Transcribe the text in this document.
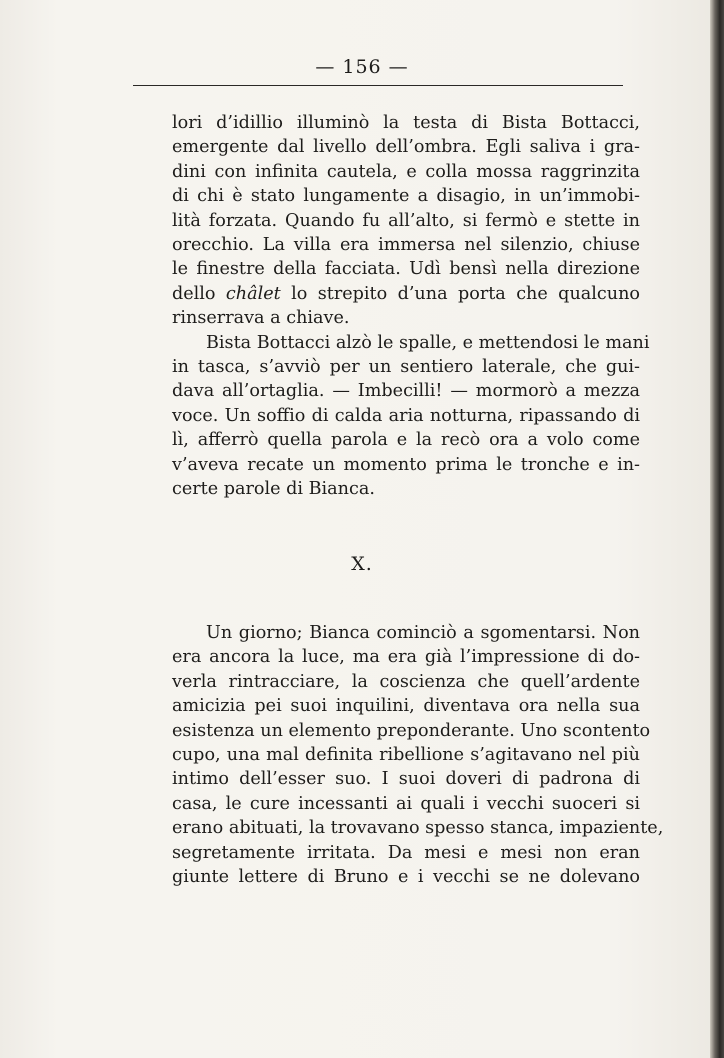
— 156 —

lori d’idillio illuminò la testa di Bista Bottacci,
emergente dal livello dell’ombra. Egli saliva i gra-
dini con infinita cautela, e colla mossa raggrinzita
di chi è stato lungamente a disagio, in un’immobi-
lità forzata. Quando fu all’alto, si fermò e stette in
orecchio. La villa era immersa nel silenzio, chiuse
le finestre della facciata. Udì bensì nella direzione
dello châlet lo strepito d’una porta che qualcuno
rinserrava a chiave.

Bista Bottacci alzò le spalle, e mettendosi le mani
in tasca, s’avviò per un sentiero laterale, che gui-
dava all’ortaglia. — Imbecilli! — mormorò a mezza
voce. Un soffio di calda aria notturna, ripassando di
lì, afferrò quella parola e la recò ora a volo come
v’aveva recate un momento prima le tronche e in-
certe parole di Bianca.

X.

Un giorno; Bianca cominciò a sgomentarsi. Non
era ancora la luce, ma era già l’impressione di do-
verla rintracciare, la coscienza che quell’ardente
amicizia pei suoi inquilini, diventava ora nella sua
esistenza un elemento preponderante. Uno scontento
cupo, una mal definita ribellione s’agitavano nel più
intimo dell’esser suo. I suoi doveri di padrona di
casa, le cure incessanti ai quali i vecchi suoceri si
erano abituati, la trovavano spesso stanca, impaziente,
segretamente irritata. Da mesi e mesi non eran
giunte lettere di Bruno e i vecchi se ne dolevano
